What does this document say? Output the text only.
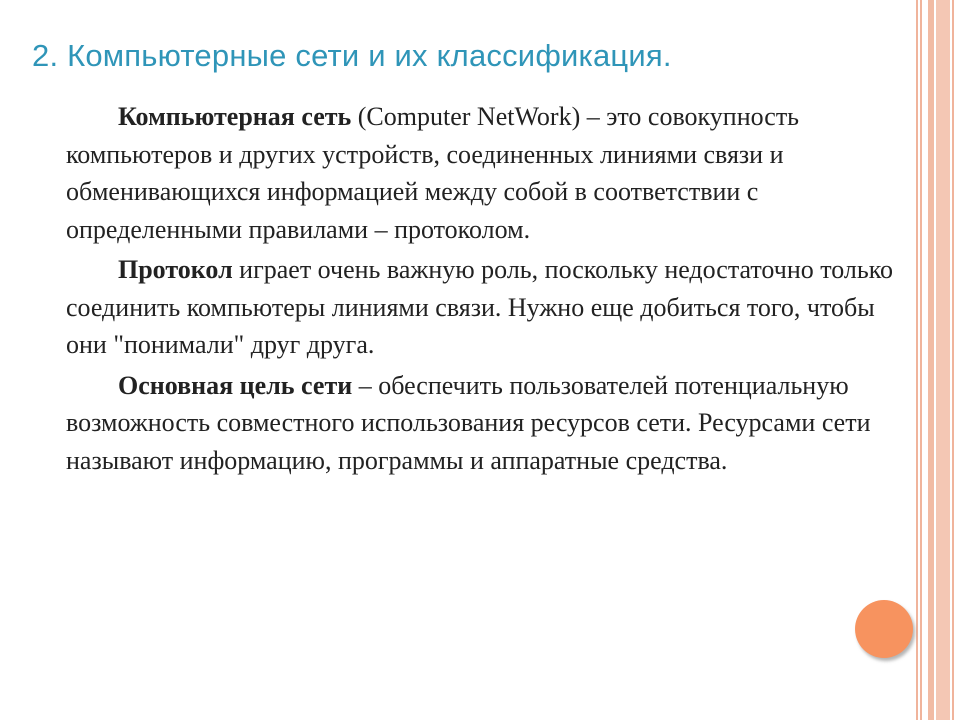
2. Компьютерные сети и их классификация.

Компьютерная сеть (Computer NetWork) – это совокупность компьютеров и других устройств, соединенных линиями связи и обменивающихся информацией между собой в соответствии с определенными правилами – протоколом.

Протокол играет очень важную роль, поскольку недостаточно только соединить компьютеры линиями связи. Нужно еще добиться того, чтобы они "понимали" друг друга.

Основная цель сети – обеспечить пользователей потенциальную возможность совместного использования ресурсов сети. Ресурсами сети называют информацию, программы и аппаратные средства.
